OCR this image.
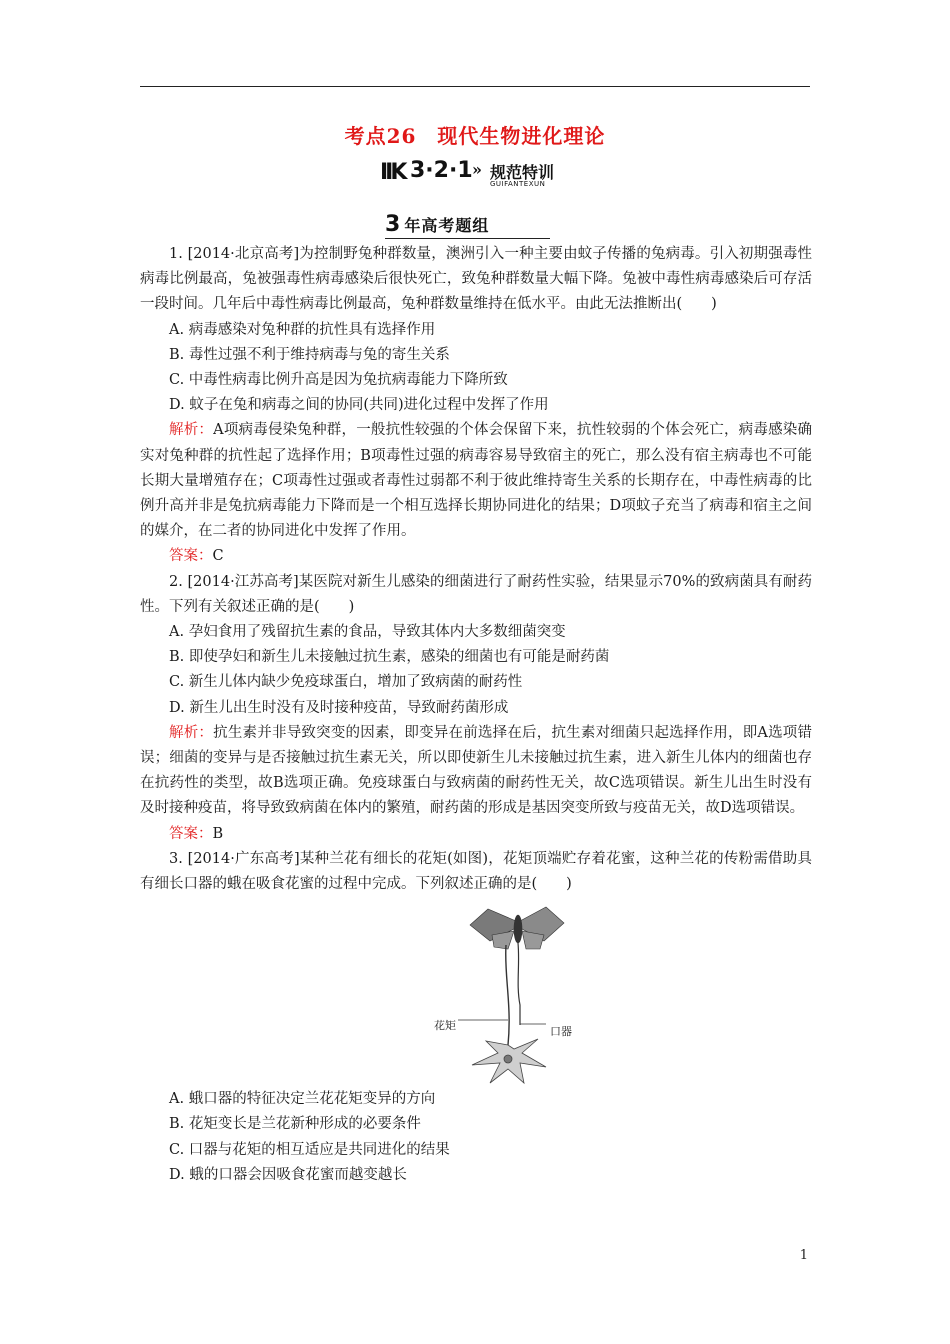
考点26　现代生物进化理论
IIK 3·2·1 » 规范特训
GUIFANTEXUN
3 年高考题组

1. [2014·北京高考]为控制野兔种群数量，澳洲引入一种主要由蚊子传播的兔病毒。引入初期强毒性病毒比例最高，兔被强毒性病毒感染后很快死亡，致兔种群数量大幅下降。兔被中毒性病毒感染后可存活一段时间。几年后中毒性病毒比例最高，兔种群数量维持在低水平。由此无法推断出(　　)

A. 病毒感染对兔种群的抗性具有选择作用

B. 毒性过强不利于维持病毒与兔的寄生关系

C. 中毒性病毒比例升高是因为兔抗病毒能力下降所致

D. 蚊子在兔和病毒之间的协同(共同)进化过程中发挥了作用

解析：A项病毒侵染兔种群，一般抗性较强的个体会保留下来，抗性较弱的个体会死亡，病毒感染确实对兔种群的抗性起了选择作用；B项毒性过强的病毒容易导致宿主的死亡，那么没有宿主病毒也不可能长期大量增殖存在；C项毒性过强或者毒性过弱都不利于彼此维持寄生关系的长期存在，中毒性病毒的比例升高并非是兔抗病毒能力下降而是一个相互选择长期协同进化的结果；D项蚊子充当了病毒和宿主之间的媒介，在二者的协同进化中发挥了作用。

答案：C

2. [2014·江苏高考]某医院对新生儿感染的细菌进行了耐药性实验，结果显示70%的致病菌具有耐药性。下列有关叙述正确的是(　　)

A. 孕妇食用了残留抗生素的食品，导致其体内大多数细菌突变

B. 即使孕妇和新生儿未接触过抗生素，感染的细菌也有可能是耐药菌

C. 新生儿体内缺少免疫球蛋白，增加了致病菌的耐药性

D. 新生儿出生时没有及时接种疫苗，导致耐药菌形成

解析：抗生素并非导致突变的因素，即变异在前选择在后，抗生素对细菌只起选择作用，即A选项错误；细菌的变异与是否接触过抗生素无关，所以即使新生儿未接触过抗生素，进入新生儿体内的细菌也存在抗药性的类型，故B选项正确。免疫球蛋白与致病菌的耐药性无关，故C选项错误。新生儿出生时没有及时接种疫苗，将导致致病菌在体内的繁殖，耐药菌的形成是基因突变所致与疫苗无关，故D选项错误。

答案：B

3. [2014·广东高考]某种兰花有细长的花矩(如图)，花矩顶端贮存着花蜜，这种兰花的传粉需借助具有细长口器的蛾在吸食花蜜的过程中完成。下列叙述正确的是(　　)

花矩	口器

A. 蛾口器的特征决定兰花花矩变异的方向

B. 花矩变长是兰花新种形成的必要条件

C. 口器与花矩的相互适应是共同进化的结果

D. 蛾的口器会因吸食花蜜而越变越长

1
